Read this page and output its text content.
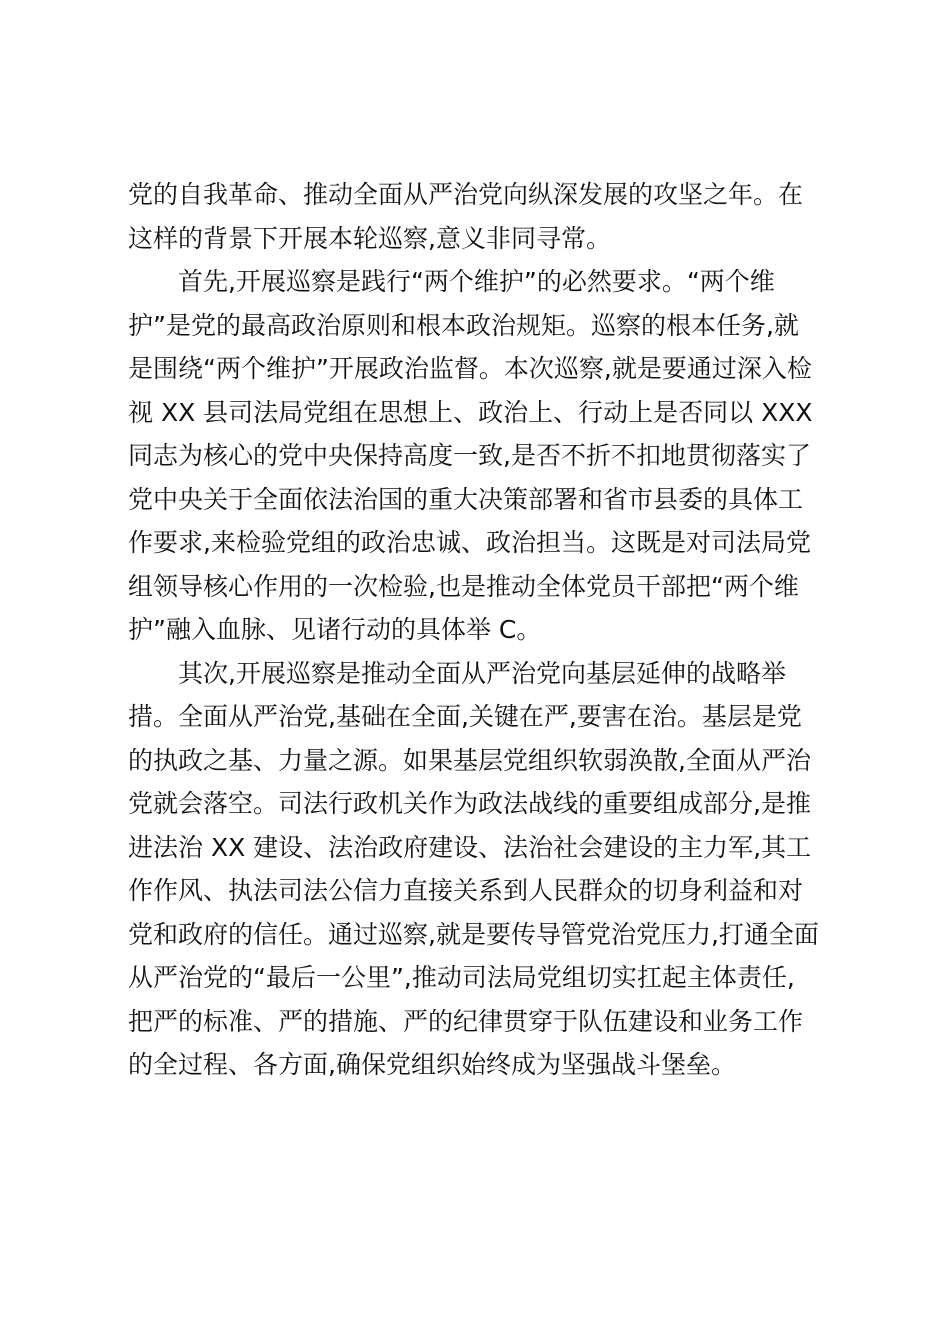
党的自我革命、推动全面从严治党向纵深发展的攻坚之年。在
这样的背景下开展本轮巡察,意义非同寻常。
首先,开展巡察是践行“两个维护”的必然要求。“两个维
护”是党的最高政治原则和根本政治规矩。巡察的根本任务,就
是围绕“两个维护”开展政治监督。本次巡察,就是要通过深入检
视 XX 县司法局党组在思想上、政治上、行动上是否同以 XXX
同志为核心的党中央保持高度一致,是否不折不扣地贯彻落实了
党中央关于全面依法治国的重大决策部署和省市县委的具体工
作要求,来检验党组的政治忠诚、政治担当。这既是对司法局党
组领导核心作用的一次检验,也是推动全体党员干部把“两个维
护”融入血脉、见诸行动的具体举 C。
其次,开展巡察是推动全面从严治党向基层延伸的战略举
措。全面从严治党,基础在全面,关键在严,要害在治。基层是党
的执政之基、力量之源。如果基层党组织软弱涣散,全面从严治
党就会落空。司法行政机关作为政法战线的重要组成部分,是推
进法治 XX 建设、法治政府建设、法治社会建设的主力军,其工
作作风、执法司法公信力直接关系到人民群众的切身利益和对
党和政府的信任。通过巡察,就是要传导管党治党压力,打通全面
从严治党的“最后一公里”,推动司法局党组切实扛起主体责任,
把严的标准、严的措施、严的纪律贯穿于队伍建设和业务工作
的全过程、各方面,确保党组织始终成为坚强战斗堡垒。
